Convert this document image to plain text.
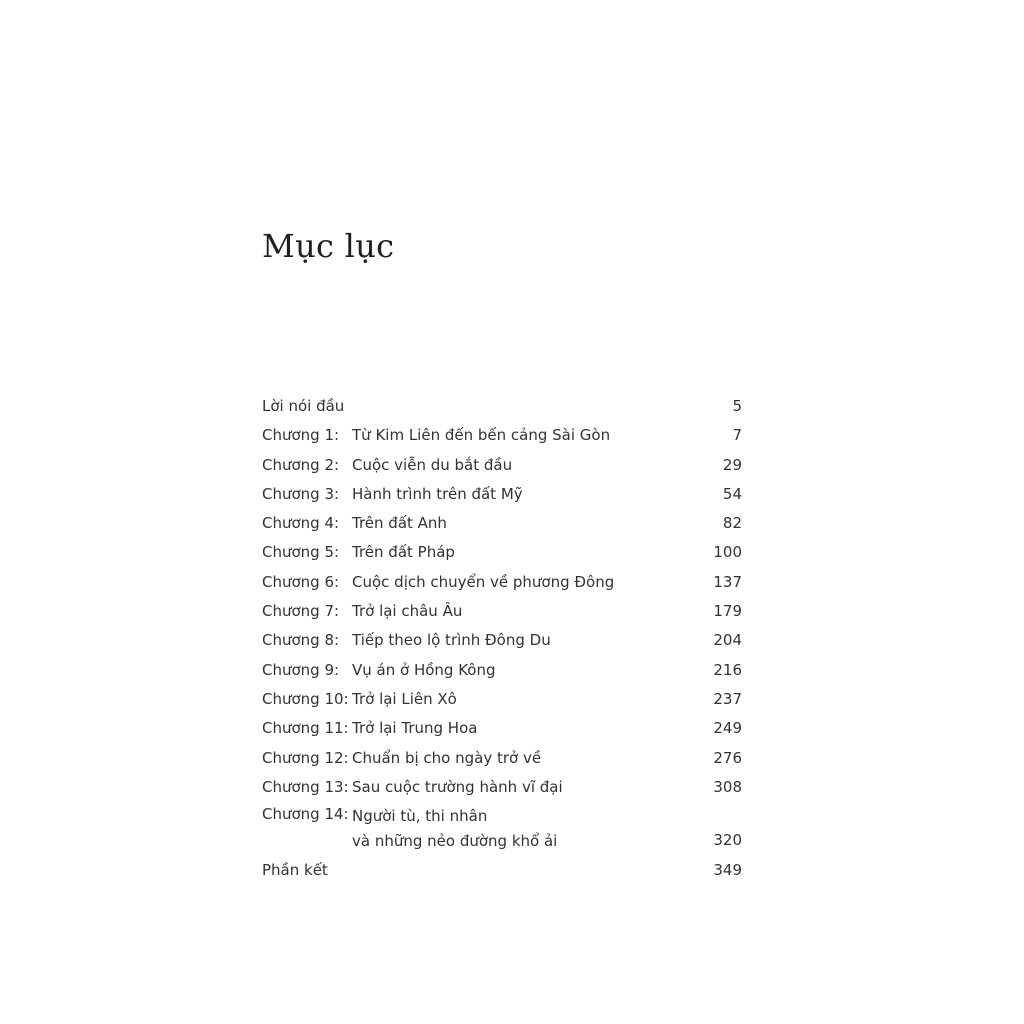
Mục lục
Lời nói đầu	5
Chương 1: Từ Kim Liên đến bến cảng Sài Gòn	7
Chương 2: Cuộc viễn du bắt đầu	29
Chương 3: Hành trình trên đất Mỹ	54
Chương 4: Trên đất Anh	82
Chương 5: Trên đất Pháp	100
Chương 6: Cuộc dịch chuyển về phương Đông	137
Chương 7: Trở lại châu Âu	179
Chương 8: Tiếp theo lộ trình Đông Du	204
Chương 9: Vụ án ở Hồng Kông	216
Chương 10: Trở lại Liên Xô	237
Chương 11: Trở lại Trung Hoa	249
Chương 12: Chuẩn bị cho ngày trở về	276
Chương 13: Sau cuộc trường hành vĩ đại	308
Chương 14: Người tù, thi nhân
và những nẻo đường khổ ải	320
Phần kết	349
